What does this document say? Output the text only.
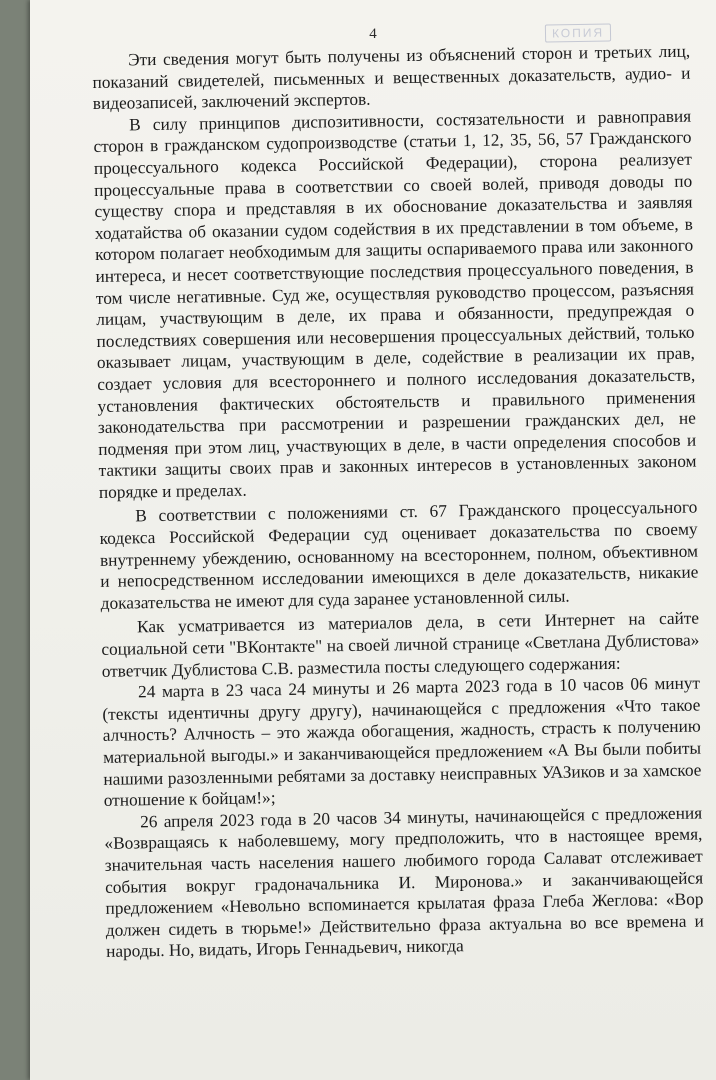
4	КОПИЯ

Эти сведения могут быть получены из объяснений сторон и третьих лиц, показаний свидетелей, письменных и вещественных доказательств, аудио- и видеозаписей, заключений экспертов.

В силу принципов диспозитивности, состязательности и равноправия сторон в гражданском судопроизводстве (статьи 1, 12, 35, 56, 57 Гражданского процессуального кодекса Российской Федерации), сторона реализует процессуальные права в соответствии со своей волей, приводя доводы по существу спора и представляя в их обоснование доказательства и заявляя ходатайства об оказании судом содействия в их представлении в том объеме, в котором полагает необходимым для защиты оспариваемого права или законного интереса, и несет соответствующие последствия процессуального поведения, в том числе негативные. Суд же, осуществляя руководство процессом, разъясняя лицам, участвующим в деле, их права и обязанности, предупреждая о последствиях совершения или несовершения процессуальных действий, только оказывает лицам, участвующим в деле, содействие в реализации их прав, создает условия для всестороннего и полного исследования доказательств, установления фактических обстоятельств и правильного применения законодательства при рассмотрении и разрешении гражданских дел, не подменяя при этом лиц, участвующих в деле, в части определения способов и тактики защиты своих прав и законных интересов в установленных законом порядке и пределах.

В соответствии с положениями ст. 67 Гражданского процессуального кодекса Российской Федерации суд оценивает доказательства по своему внутреннему убеждению, основанному на всестороннем, полном, объективном и непосредственном исследовании имеющихся в деле доказательств, никакие доказательства не имеют для суда заранее установленной силы.

Как усматривается из материалов дела, в сети Интернет на сайте социальной сети "ВКонтакте" на своей личной странице «Светлана Дублистова» ответчик Дублистова С.В. разместила посты следующего содержания:

24 марта в 23 часа 24 минуты и 26 марта 2023 года в 10 часов 06 минут (тексты идентичны другу другу), начинающейся с предложения «Что такое алчность? Алчность – это жажда обогащения, жадность, страсть к получению материальной выгоды.» и заканчивающейся предложением «А Вы были побиты нашими разозленными ребятами за доставку неисправных УАЗиков и за хамское отношение к бойцам!»;

26 апреля 2023 года в 20 часов 34 минуты, начинающейся с предложения «Возвращаясь к наболевшему, могу предположить, что в настоящее время, значительная часть населения нашего любимого города Салават отслеживает события вокруг градоначальника И. Миронова.» и заканчивающейся предложением «Невольно вспоминается крылатая фраза Глеба Жеглова: «Вор должен сидеть в тюрьме!» Действительно фраза актуальна во все времена и народы. Но, видать, Игорь Геннадьевич, никогда
